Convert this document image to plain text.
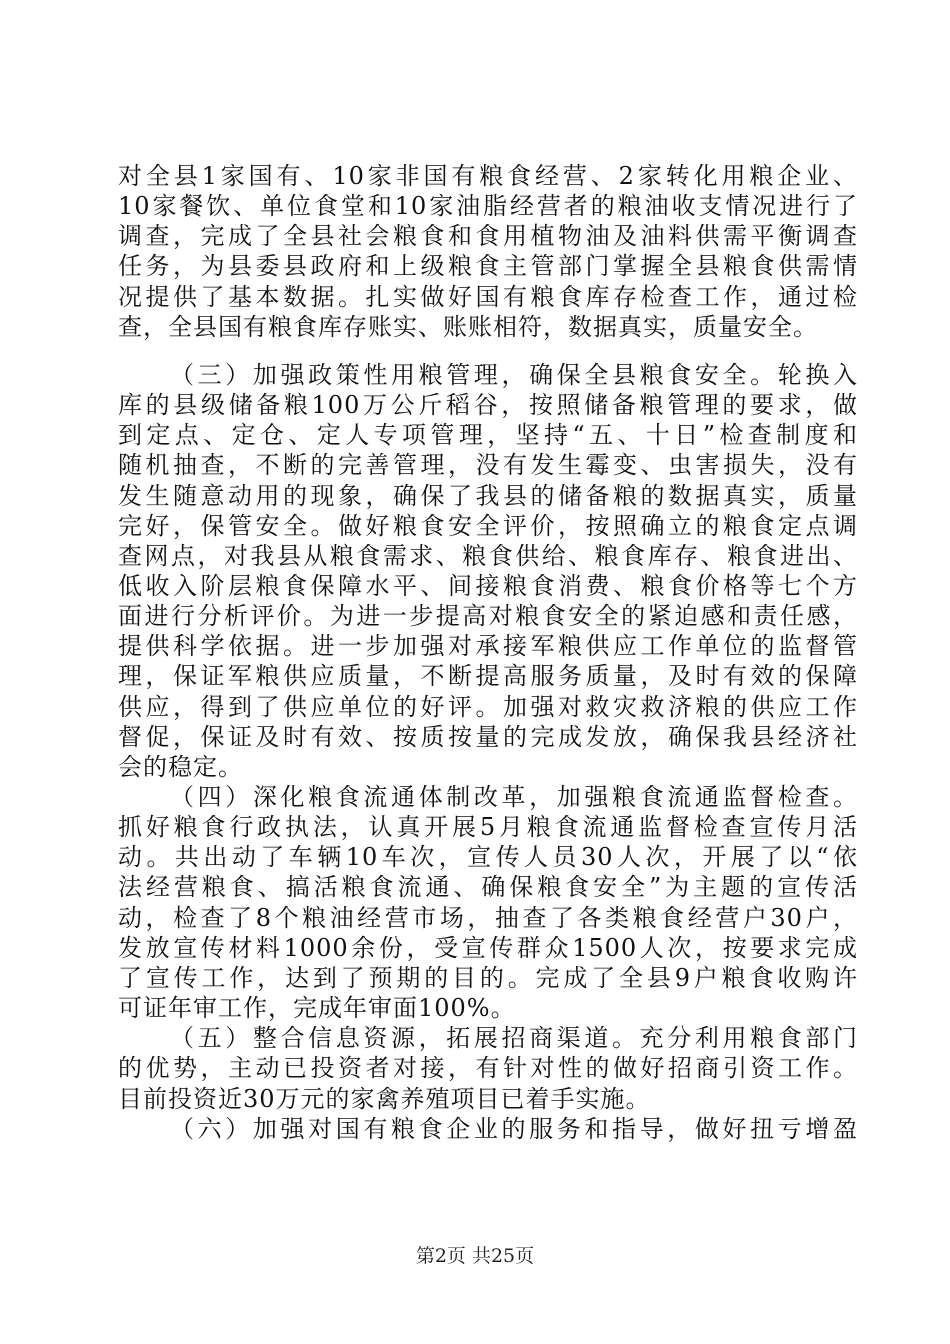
对全县1家国有、10家非国有粮食经营、2家转化用粮企业、
10家餐饮、单位食堂和10家油脂经营者的粮油收支情况进行了
调查，完成了全县社会粮食和食用植物油及油料供需平衡调查
任务，为县委县政府和上级粮食主管部门掌握全县粮食供需情
况提供了基本数据。扎实做好国有粮食库存检查工作，通过检
查，全县国有粮食库存账实、账账相符，数据真实，质量安全。
（三）加强政策性用粮管理，确保全县粮食安全。轮换入
库的县级储备粮100万公斤稻谷，按照储备粮管理的要求，做
到定点、定仓、定人专项管理，坚持“五、十日”检查制度和
随机抽查，不断的完善管理，没有发生霉变、虫害损失，没有
发生随意动用的现象，确保了我县的储备粮的数据真实，质量
完好，保管安全。做好粮食安全评价，按照确立的粮食定点调
查网点，对我县从粮食需求、粮食供给、粮食库存、粮食进出、
低收入阶层粮食保障水平、间接粮食消费、粮食价格等七个方
面进行分析评价。为进一步提高对粮食安全的紧迫感和责任感，
提供科学依据。进一步加强对承接军粮供应工作单位的监督管
理，保证军粮供应质量，不断提高服务质量，及时有效的保障
供应，得到了供应单位的好评。加强对救灾救济粮的供应工作
督促，保证及时有效、按质按量的完成发放，确保我县经济社
会的稳定。
（四）深化粮食流通体制改革，加强粮食流通监督检查。
抓好粮食行政执法，认真开展5月粮食流通监督检查宣传月活
动。共出动了车辆10车次，宣传人员30人次，开展了以“依
法经营粮食、搞活粮食流通、确保粮食安全”为主题的宣传活
动，检查了8个粮油经营市场，抽查了各类粮食经营户30户，
发放宣传材料1000余份，受宣传群众1500人次，按要求完成
了宣传工作，达到了预期的目的。完成了全县9户粮食收购许
可证年审工作，完成年审面100%。
（五）整合信息资源，拓展招商渠道。充分利用粮食部门
的优势，主动已投资者对接，有针对性的做好招商引资工作。
目前投资近30万元的家禽养殖项目已着手实施。
（六）加强对国有粮食企业的服务和指导，做好扭亏增盈
第2页 共25页
